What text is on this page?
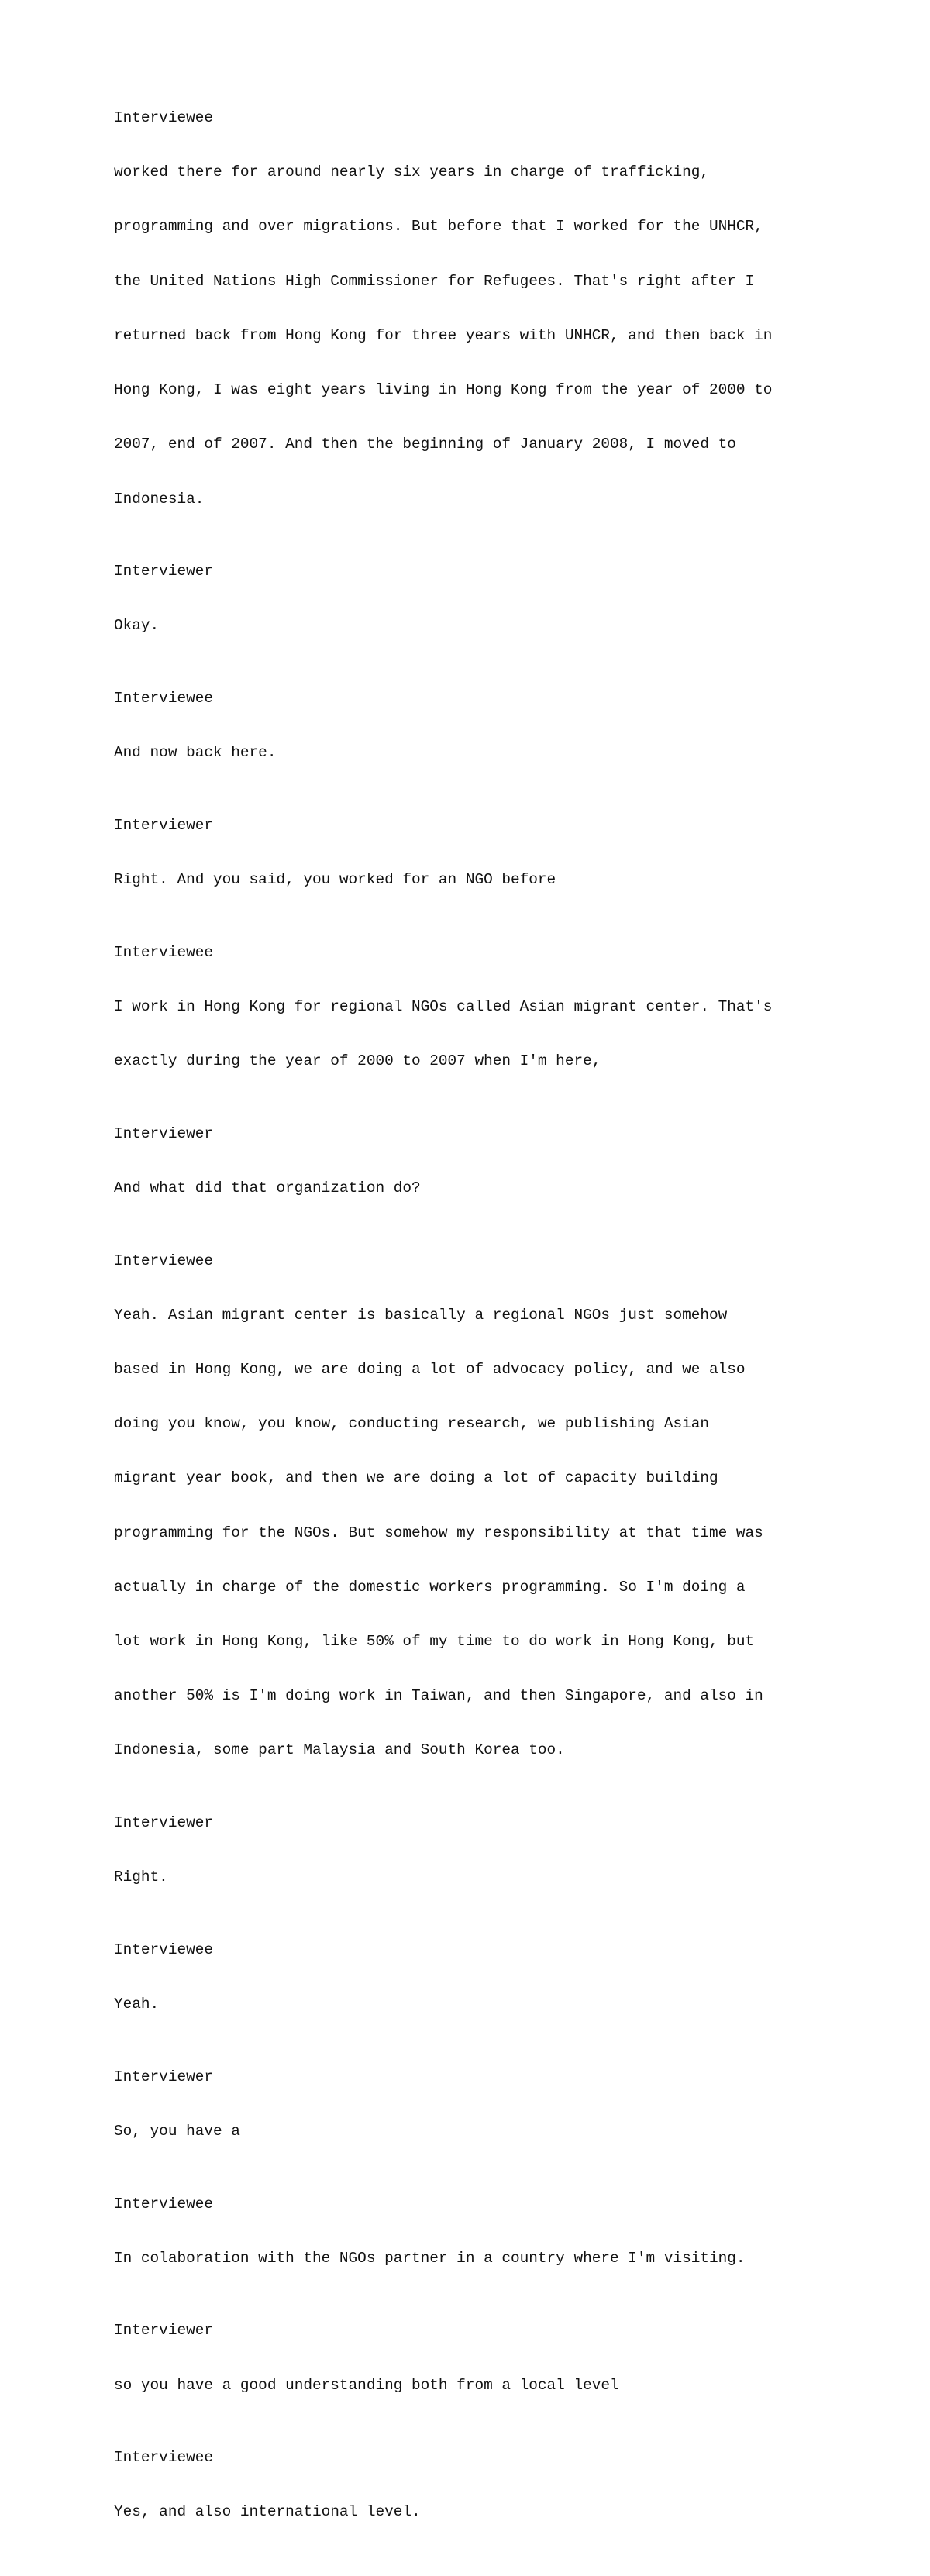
Interviewee

worked there for around nearly six years in charge of trafficking,

programming and over migrations. But before that I worked for the UNHCR,

the United Nations High Commissioner for Refugees. That's right after I

returned back from Hong Kong for three years with UNHCR, and then back in

Hong Kong, I was eight years living in Hong Kong from the year of 2000 to

2007, end of 2007. And then the beginning of January 2008, I moved to

Indonesia.

Interviewer

Okay.

Interviewee

And now back here.

Interviewer

Right. And you said, you worked for an NGO before

Interviewee

I work in Hong Kong for regional NGOs called Asian migrant center. That's

exactly during the year of 2000 to 2007 when I'm here,

Interviewer

And what did that organization do?

Interviewee

Yeah. Asian migrant center is basically a regional NGOs just somehow

based in Hong Kong, we are doing a lot of advocacy policy, and we also

doing you know, you know, conducting research, we publishing Asian

migrant year book, and then we are doing a lot of capacity building

programming for the NGOs. But somehow my responsibility at that time was

actually in charge of the domestic workers programming. So I'm doing a

lot work in Hong Kong, like 50% of my time to do work in Hong Kong, but

another 50% is I'm doing work in Taiwan, and then Singapore, and also in

Indonesia, some part Malaysia and South Korea too.

Interviewer

Right.

Interviewee

Yeah.

Interviewer

So, you have a

Interviewee

In colaboration with the NGOs partner in a country where I'm visiting.

Interviewer

so you have a good understanding both from a local level

Interviewee

Yes, and also international level.
